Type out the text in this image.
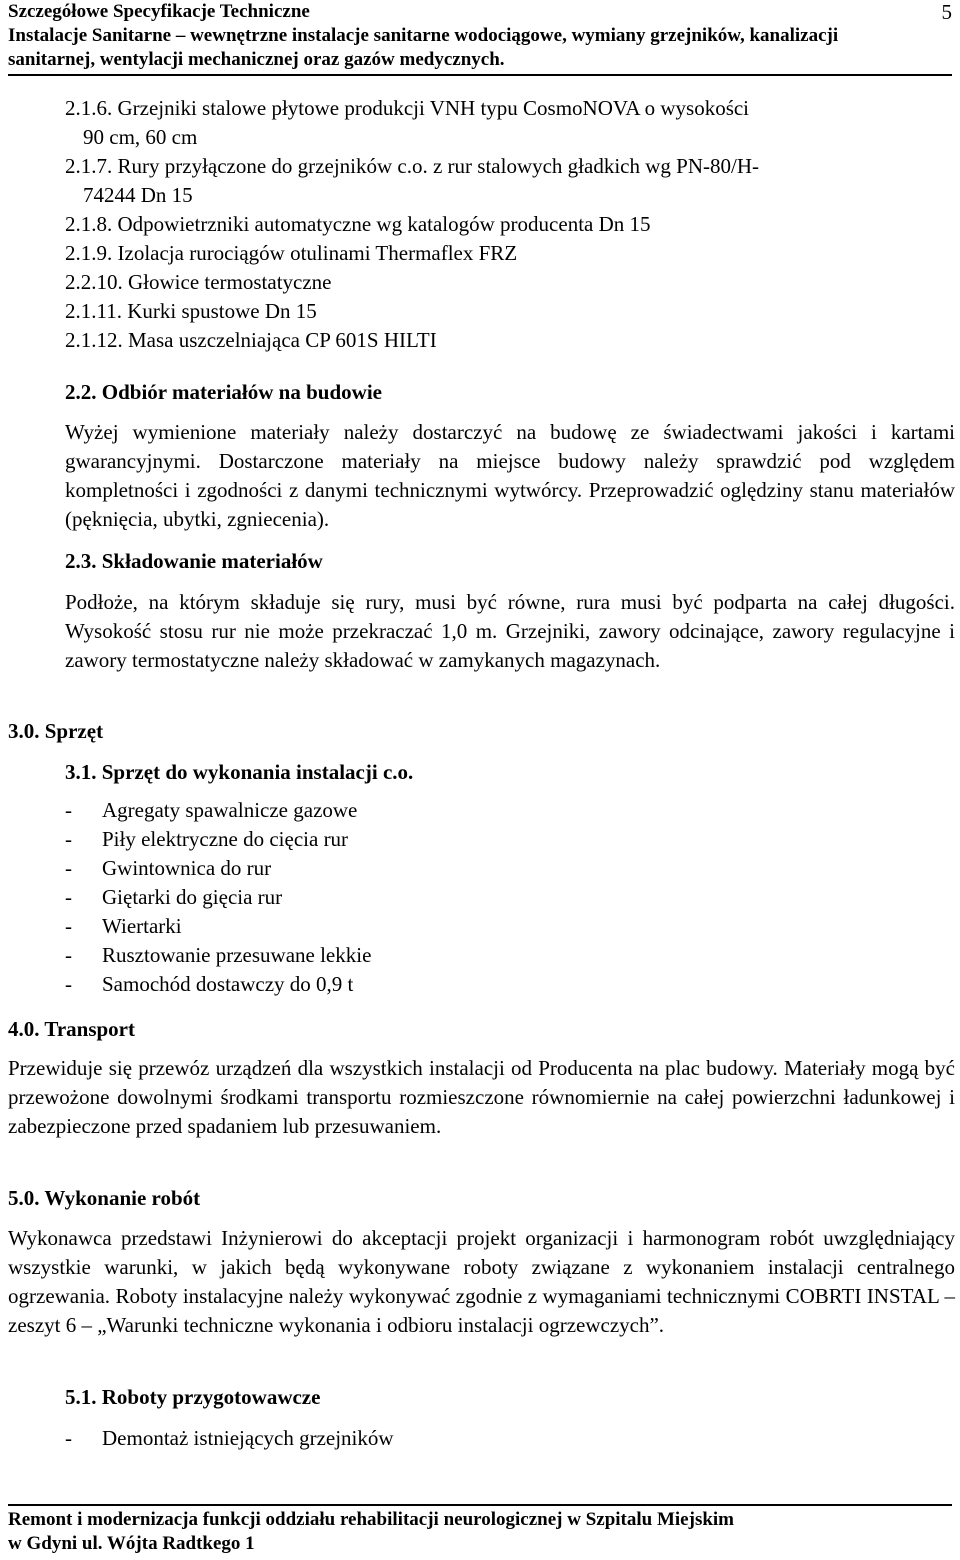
Szczegółowe Specyfikacje Techniczne
Instalacje Sanitarne – wewnętrzne instalacje sanitarne wodociągowe, wymiany grzejników, kanalizacji
sanitarnej, wentylacji mechanicznej oraz gazów medycznych.
5
2.1.6. Grzejniki stalowe płytowe produkcji VNH typu CosmoNOVA o wysokości
90 cm, 60 cm
2.1.7. Rury przyłączone do grzejników c.o. z rur stalowych gładkich wg PN-80/H-
74244 Dn 15
2.1.8. Odpowietrzniki automatyczne wg katalogów producenta Dn 15
2.1.9. Izolacja rurociągów otulinami Thermaflex FRZ
2.2.10. Głowice termostatyczne
2.1.11. Kurki spustowe Dn 15
2.1.12. Masa uszczelniająca CP 601S HILTI
2.2. Odbiór materiałów na budowie
Wyżej wymienione materiały należy dostarczyć na budowę ze świadectwami jakości i kartami gwarancyjnymi. Dostarczone materiały na miejsce budowy należy sprawdzić pod względem kompletności i zgodności z danymi technicznymi wytwórcy. Przeprowadzić oględziny stanu materiałów (pęknięcia, ubytki, zgniecenia).
2.3. Składowanie materiałów
Podłoże, na którym składuje się rury, musi być równe, rura musi być podparta na całej długości. Wysokość stosu rur nie może przekraczać 1,0 m. Grzejniki, zawory odcinające, zawory regulacyjne i zawory termostatyczne należy składować w zamykanych magazynach.
3.0. Sprzęt
3.1. Sprzęt do wykonania instalacji c.o.
-	Agregaty spawalnicze gazowe
-	Piły elektryczne do cięcia rur
-	Gwintownica do rur
-	Giętarki do gięcia rur
-	Wiertarki
-	Rusztowanie przesuwane lekkie
-	Samochód dostawczy do 0,9 t
4.0. Transport
Przewiduje się przewóz urządzeń dla wszystkich instalacji od Producenta na plac budowy. Materiały mogą być przewożone dowolnymi środkami transportu rozmieszczone równomiernie na całej powierzchni ładunkowej i zabezpieczone przed spadaniem lub przesuwaniem.
5.0. Wykonanie robót
Wykonawca przedstawi Inżynierowi do akceptacji projekt organizacji i harmonogram robót uwzględniający wszystkie warunki, w jakich będą wykonywane roboty związane z wykonaniem instalacji centralnego ogrzewania. Roboty instalacyjne należy wykonywać zgodnie z wymaganiami technicznymi COBRTI INSTAL – zeszyt 6 – „Warunki techniczne wykonania i odbioru instalacji ogrzewczych”.
5.1. Roboty przygotowawcze
-	Demontaż istniejących grzejników
Remont i modernizacja funkcji oddziału rehabilitacji neurologicznej w Szpitalu Miejskim
w Gdyni ul. Wójta Radtkego 1
